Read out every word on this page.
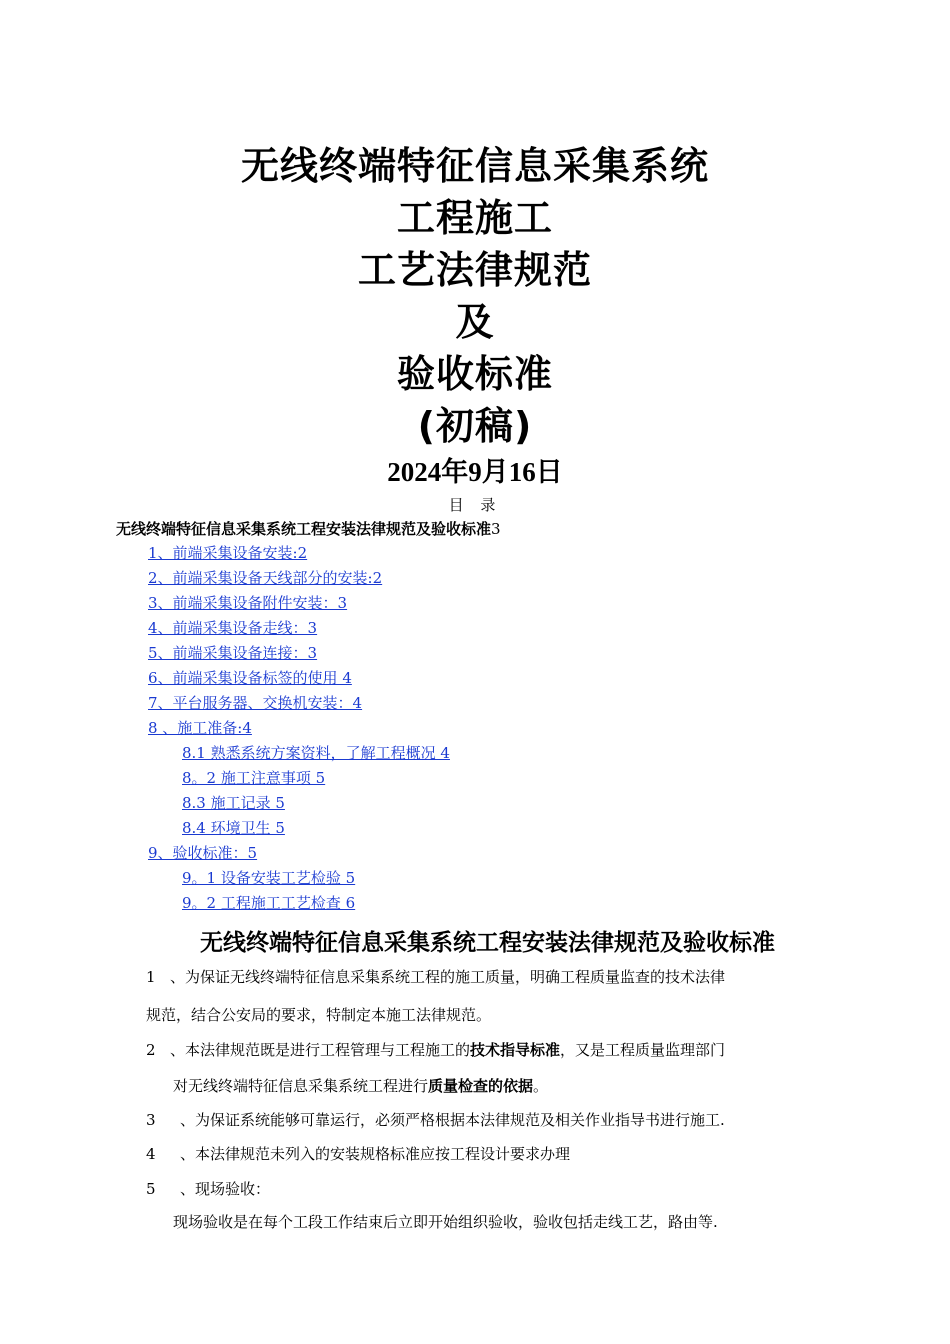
无线终端特征信息采集系统
工程施工
工艺法律规范
及
验收标准
(初稿)
2024年9月16日
目 录
无线终端特征信息采集系统工程安装法律规范及验收标准3
1、前端采集设备安装:2
2、前端采集设备天线部分的安装:2
3、前端采集设备附件安装：3
4、前端采集设备走线：3
5、前端采集设备连接：3
6、前端采集设备标签的使用 4
7、平台服务器、交换机安装：4
8 、施工准备:4
8.1 熟悉系统方案资料，了解工程概况 4
8。2 施工注意事项 5
8.3 施工记录 5
8.4 环境卫生 5
9、验收标准：5
9。1 设备安装工艺检验 5
9。2 工程施工工艺检查 6
无线终端特征信息采集系统工程安装法律规范及验收标准
1 、为保证无线终端特征信息采集系统工程的施工质量，明确工程质量监查的技术法律
规范，结合公安局的要求，特制定本施工法律规范。
2 、本法律规范既是进行工程管理与工程施工的技术指导标准，又是工程质量监理部门
对无线终端特征信息采集系统工程进行质量检查的依据。
3 、为保证系统能够可靠运行，必须严格根据本法律规范及相关作业指导书进行施工.
4 、本法律规范未列入的安装规格标准应按工程设计要求办理
5 、现场验收：
现场验收是在每个工段工作结束后立即开始组织验收，验收包括走线工艺，路由等.
